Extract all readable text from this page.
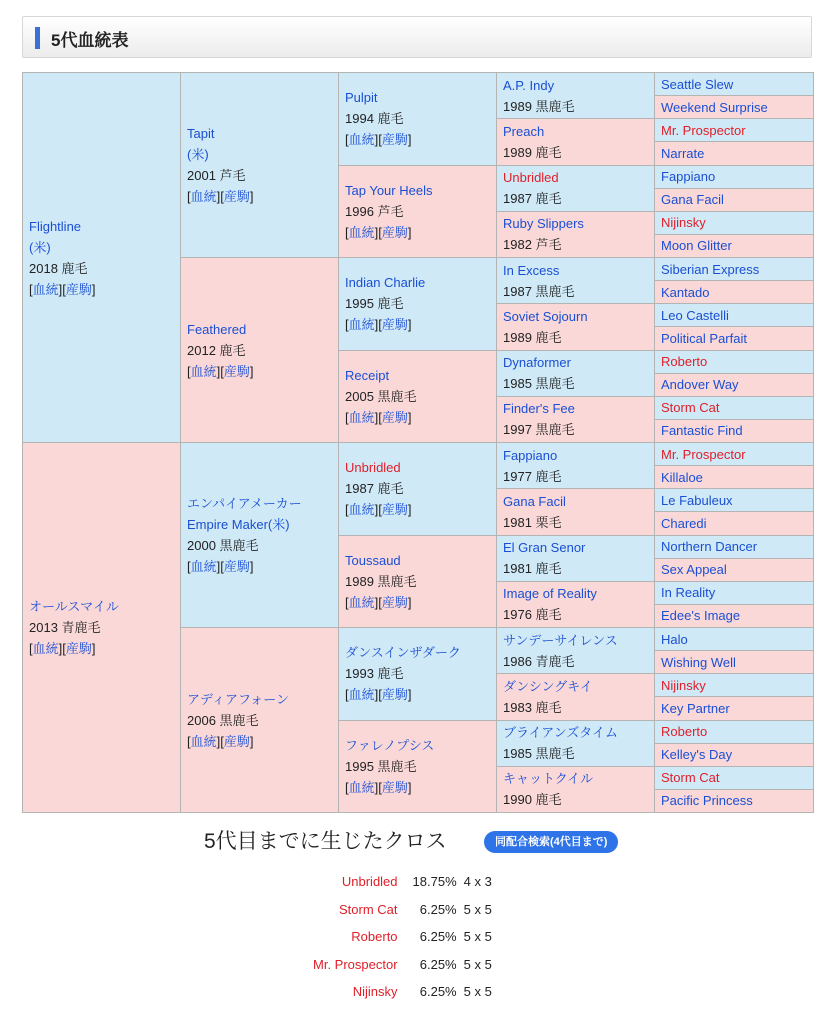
5代血統表
Flightline
(米)
2018 鹿毛
[血統][産駒]	Tapit
(米)
2001 芦毛
[血統][産駒]	Pulpit
1994 鹿毛
[血統][産駒]	A.P. Indy
1989 黒鹿毛	Seattle Slew

				Weekend Surprise

			Preach
1989 鹿毛	Mr. Prospector

				Narrate

		Tap Your Heels
1996 芦毛
[血統][産駒]	Unbridled
1987 鹿毛	Fappiano

				Gana Facil

			Ruby Slippers
1982 芦毛	Nijinsky

				Moon Glitter

	Feathered
2012 鹿毛
[血統][産駒]	Indian Charlie
1995 鹿毛
[血統][産駒]	In Excess
1987 黒鹿毛	Siberian Express

				Kantado

			Soviet Sojourn
1989 鹿毛	Leo Castelli

				Political Parfait

		Receipt
2005 黒鹿毛
[血統][産駒]	Dynaformer
1985 黒鹿毛	Roberto

				Andover Way

			Finder's Fee
1997 黒鹿毛	Storm Cat

				Fantastic Find

オールスマイル
2013 青鹿毛
[血統][産駒]	エンパイアメーカー
Empire Maker(米)
2000 黒鹿毛
[血統][産駒]	Unbridled
1987 鹿毛
[血統][産駒]	Fappiano
1977 鹿毛	Mr. Prospector

				Killaloe

			Gana Facil
1981 栗毛	Le Fabuleux

				Charedi

		Toussaud
1989 黒鹿毛
[血統][産駒]	El Gran Senor
1981 鹿毛	Northern Dancer

				Sex Appeal

			Image of Reality
1976 鹿毛	In Reality

				Edee's Image

	アディアフォーン
2006 黒鹿毛
[血統][産駒]	ダンスインザダーク
1993 鹿毛
[血統][産駒]	サンデーサイレンス
1986 青鹿毛	Halo

				Wishing Well

			ダンシングキイ
1983 鹿毛	Nijinsky

				Key Partner

		ファレノプシス
1995 黒鹿毛
[血統][産駒]	ブライアンズタイム
1985 黒鹿毛	Roberto

				Kelley's Day

			キャットクイル
1990 鹿毛	Storm Cat

				Pacific Princess
5代目までに生じたクロス	同配合検索(4代目まで)
Unbridled	18.75%	4 x 3
Storm Cat	6.25%	5 x 5
Roberto	6.25%	5 x 5
Mr. Prospector	6.25%	5 x 5
Nijinsky	6.25%	5 x 5
